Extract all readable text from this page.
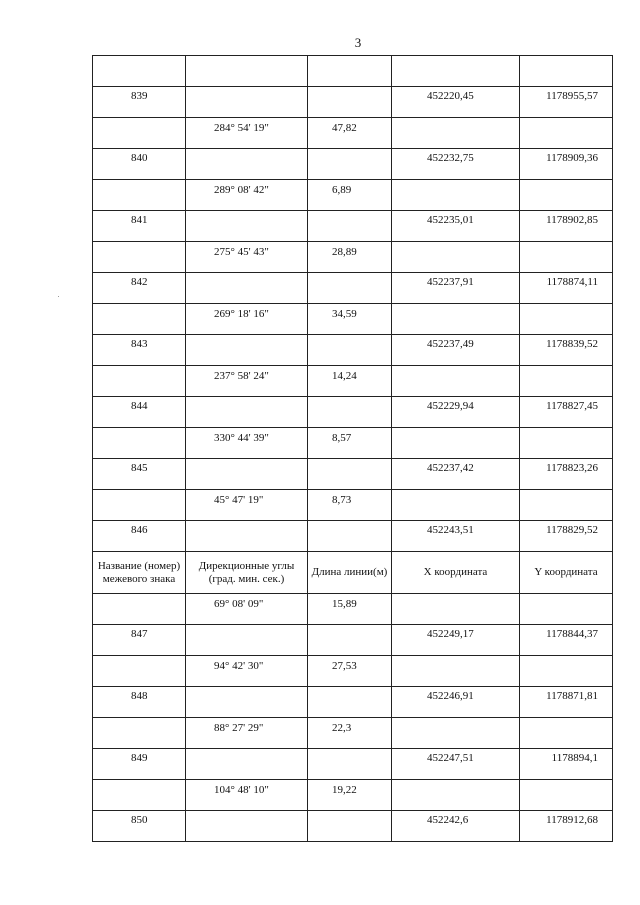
3

839			452220,45	1178955,57
	284° 54' 19"	47,82		
840			452232,75	1178909,36
	289° 08' 42"	6,89		
841			452235,01	1178902,85
	275° 45' 43"	28,89		
842			452237,91	1178874,11
	269° 18' 16"	34,59		
843			452237,49	1178839,52
	237° 58' 24"	14,24		
844			452229,94	1178827,45
	330° 44' 39"	8,57		
845			452237,42	1178823,26
	45° 47' 19"	8,73		
846			452243,51	1178829,52
Название (номер) межевого знака	Дирекционные углы (град. мин. сек.)	Длина линии(м)	X координата	Y координата
	69° 08' 09"	15,89		
847			452249,17	1178844,37
	94° 42' 30"	27,53		
848			452246,91	1178871,81
	88° 27' 29"	22,3		
849			452247,51	1178894,1
	104° 48' 10"	19,22		
850			452242,6	1178912,68
